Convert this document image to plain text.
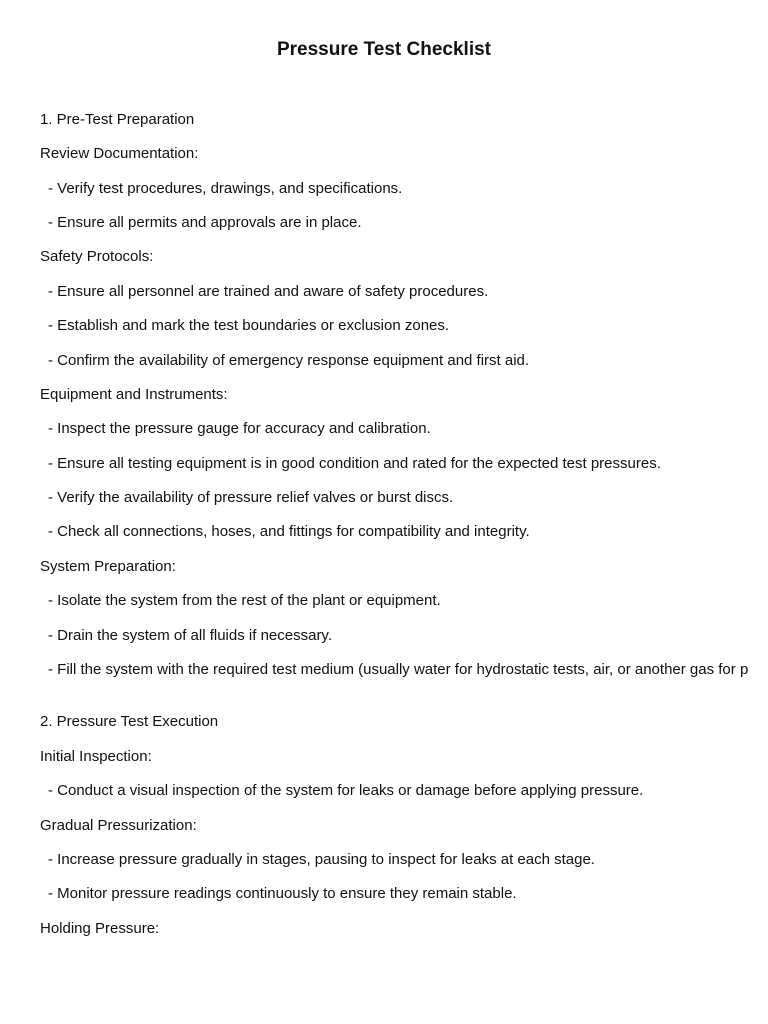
Pressure Test Checklist
1. Pre-Test Preparation
Review Documentation:
- Verify test procedures, drawings, and specifications.
- Ensure all permits and approvals are in place.
Safety Protocols:
- Ensure all personnel are trained and aware of safety procedures.
- Establish and mark the test boundaries or exclusion zones.
- Confirm the availability of emergency response equipment and first aid.
Equipment and Instruments:
- Inspect the pressure gauge for accuracy and calibration.
- Ensure all testing equipment is in good condition and rated for the expected test pressures.
- Verify the availability of pressure relief valves or burst discs.
- Check all connections, hoses, and fittings for compatibility and integrity.
System Preparation:
- Isolate the system from the rest of the plant or equipment.
- Drain the system of all fluids if necessary.
- Fill the system with the required test medium (usually water for hydrostatic tests, air, or another gas for p
2. Pressure Test Execution
Initial Inspection:
- Conduct a visual inspection of the system for leaks or damage before applying pressure.
Gradual Pressurization:
- Increase pressure gradually in stages, pausing to inspect for leaks at each stage.
- Monitor pressure readings continuously to ensure they remain stable.
Holding Pressure:
